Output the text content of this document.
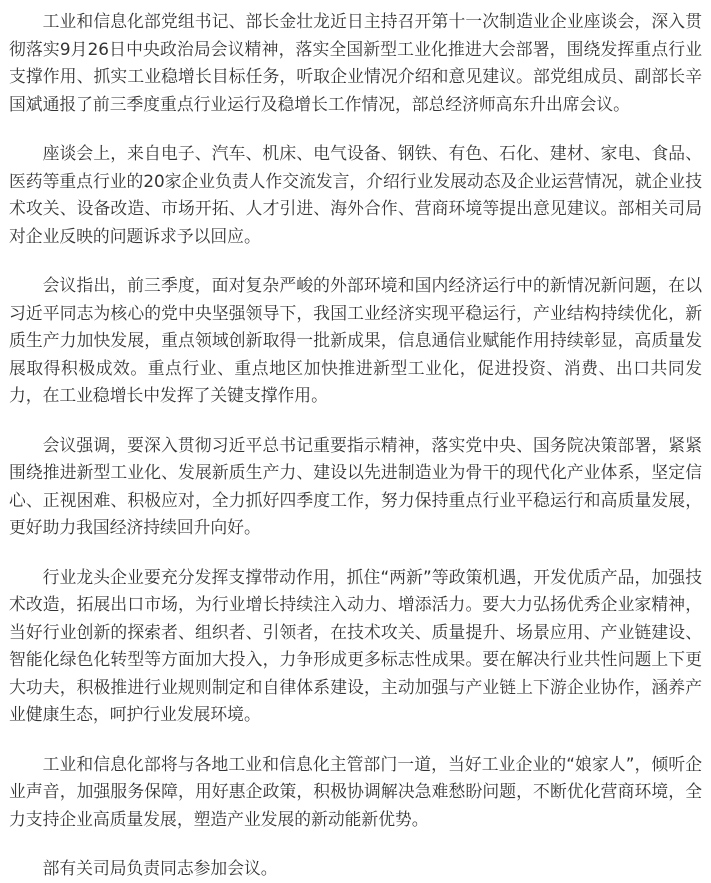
工业和信息化部党组书记、部长金壮龙近日主持召开第十一次制造业企业座谈会，深入贯彻落实9月26日中央政治局会议精神，落实全国新型工业化推进大会部署，围绕发挥重点行业支撑作用、抓实工业稳增长目标任务，听取企业情况介绍和意见建议。部党组成员、副部长辛国斌通报了前三季度重点行业运行及稳增长工作情况，部总经济师高东升出席会议。

座谈会上，来自电子、汽车、机床、电气设备、钢铁、有色、石化、建材、家电、食品、医药等重点行业的20家企业负责人作交流发言，介绍行业发展动态及企业运营情况，就企业技术攻关、设备改造、市场开拓、人才引进、海外合作、营商环境等提出意见建议。部相关司局对企业反映的问题诉求予以回应。

会议指出，前三季度，面对复杂严峻的外部环境和国内经济运行中的新情况新问题，在以习近平同志为核心的党中央坚强领导下，我国工业经济实现平稳运行，产业结构持续优化，新质生产力加快发展，重点领域创新取得一批新成果，信息通信业赋能作用持续彰显，高质量发展取得积极成效。重点行业、重点地区加快推进新型工业化，促进投资、消费、出口共同发力，在工业稳增长中发挥了关键支撑作用。

会议强调，要深入贯彻习近平总书记重要指示精神，落实党中央、国务院决策部署，紧紧围绕推进新型工业化、发展新质生产力、建设以先进制造业为骨干的现代化产业体系，坚定信心、正视困难、积极应对，全力抓好四季度工作，努力保持重点行业平稳运行和高质量发展，更好助力我国经济持续回升向好。

行业龙头企业要充分发挥支撑带动作用，抓住“两新”等政策机遇，开发优质产品，加强技术改造，拓展出口市场，为行业增长持续注入动力、增添活力。要大力弘扬优秀企业家精神，当好行业创新的探索者、组织者、引领者，在技术攻关、质量提升、场景应用、产业链建设、智能化绿色化转型等方面加大投入，力争形成更多标志性成果。要在解决行业共性问题上下更大功夫，积极推进行业规则制定和自律体系建设，主动加强与产业链上下游企业协作，涵养产业健康生态，呵护行业发展环境。

工业和信息化部将与各地工业和信息化主管部门一道，当好工业企业的“娘家人”，倾听企业声音，加强服务保障，用好惠企政策，积极协调解决急难愁盼问题，不断优化营商环境，全力支持企业高质量发展，塑造产业发展的新动能新优势。

部有关司局负责同志参加会议。
